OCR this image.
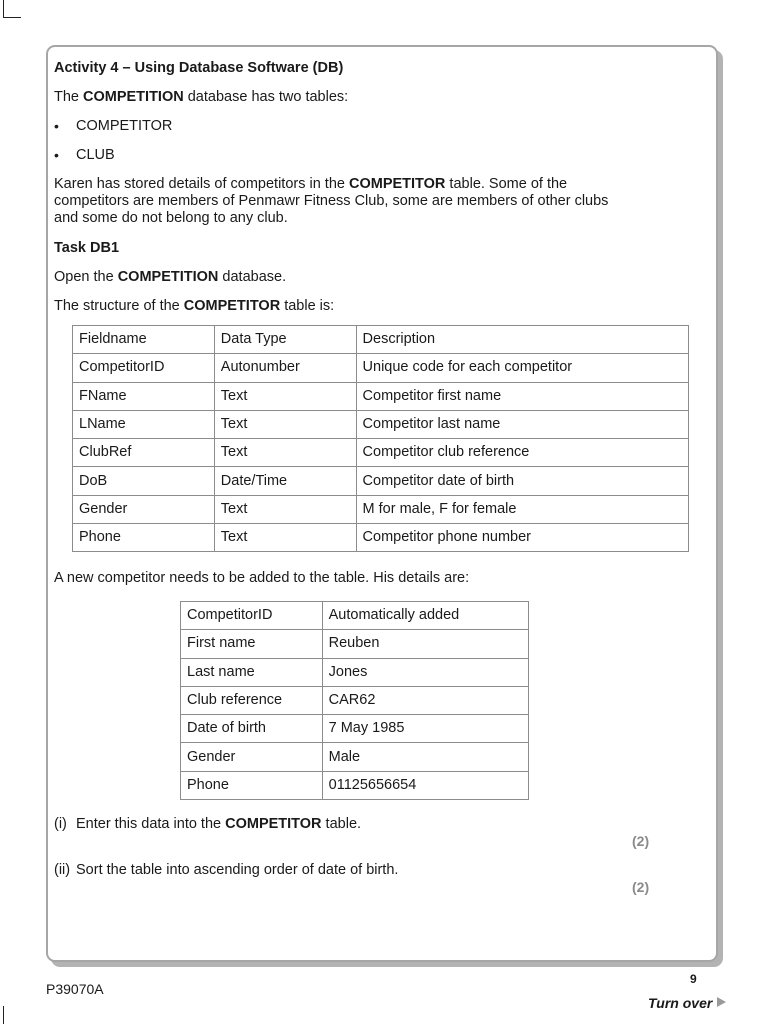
Activity 4 – Using Database Software (DB)

The COMPETITION database has two tables:

• COMPETITOR
• CLUB

Karen has stored details of competitors in the COMPETITOR table. Some of the

competitors are members of Penmawr Fitness Club, some are members of other clubs

and some do not belong to any club.

Task DB1

Open the COMPETITION database.

The structure of the COMPETITOR table is:

A new competitor needs to be added to the table. His details are:

Fieldname	Data Type	Description
CompetitorID	Autonumber	Unique code for each competitor
FName	Text	Competitor first name
LName	Text	Competitor last name
ClubRef	Text	Competitor club reference
DoB	Date/Time	Competitor date of birth
Gender	Text	M for male, F for female
Phone	Text	Competitor phone number
CompetitorID	Automatically added
First name	Reuben
Last name	Jones
Club reference	CAR62
Date of birth	7 May 1985
Gender	Male
Phone	01125656654
(i) Enter this data into the COMPETITOR table.
(2)
(ii) Sort the table into ascending order of date of birth.
(2)
9
P39070A
Turn over
